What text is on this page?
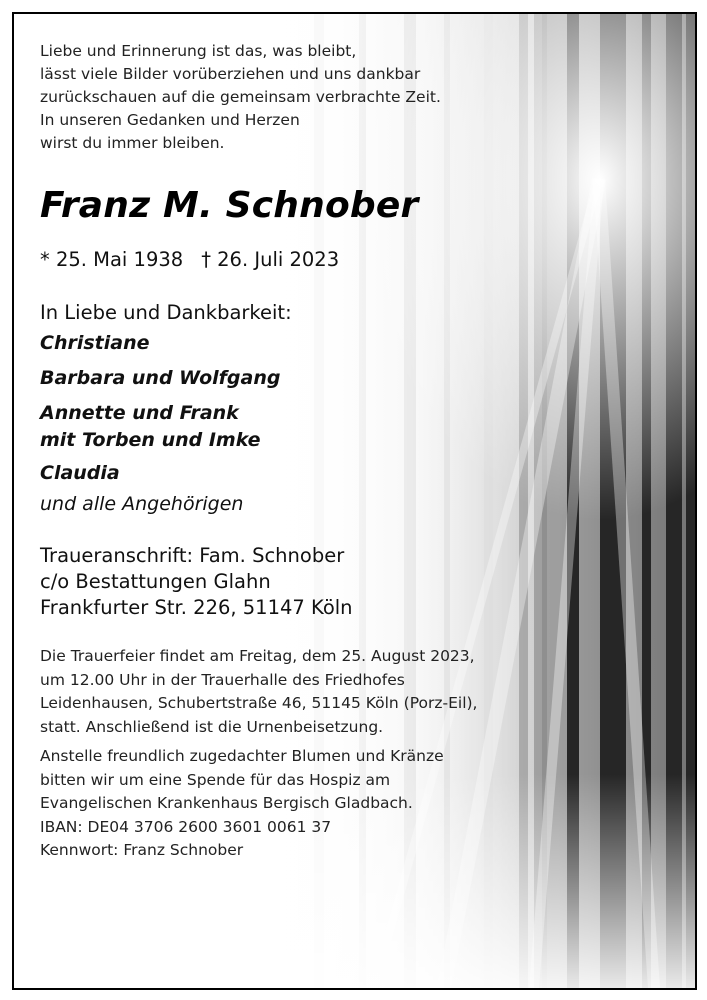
Liebe und Erinnerung ist das, was bleibt,
lässt viele Bilder vorüberziehen und uns dankbar
zurückschauen auf die gemeinsam verbrachte Zeit.
In unseren Gedanken und Herzen
wirst du immer bleiben.

Franz M. Schnober
* 25. Mai 1938 † 26. Juli 2023
In Liebe und Dankbarkeit:
Christiane
Barbara und Wolfgang
Annette und Frank
mit Torben und Imke
Claudia
und alle Angehörigen
Traueranschrift: Fam. Schnober
c/o Bestattungen Glahn
Frankfurter Str. 226, 51147 Köln
Die Trauerfeier findet am Freitag, dem 25. August 2023,
um 12.00 Uhr in der Trauerhalle des Friedhofes
Leidenhausen, Schubertstraße 46, 51145 Köln (Porz-Eil),
statt. Anschließend ist die Urnenbeisetzung.
Anstelle freundlich zugedachter Blumen und Kränze
bitten wir um eine Spende für das Hospiz am
Evangelischen Krankenhaus Bergisch Gladbach.
IBAN: DE04 3706 2600 3601 0061 37
Kennwort: Franz Schnober
